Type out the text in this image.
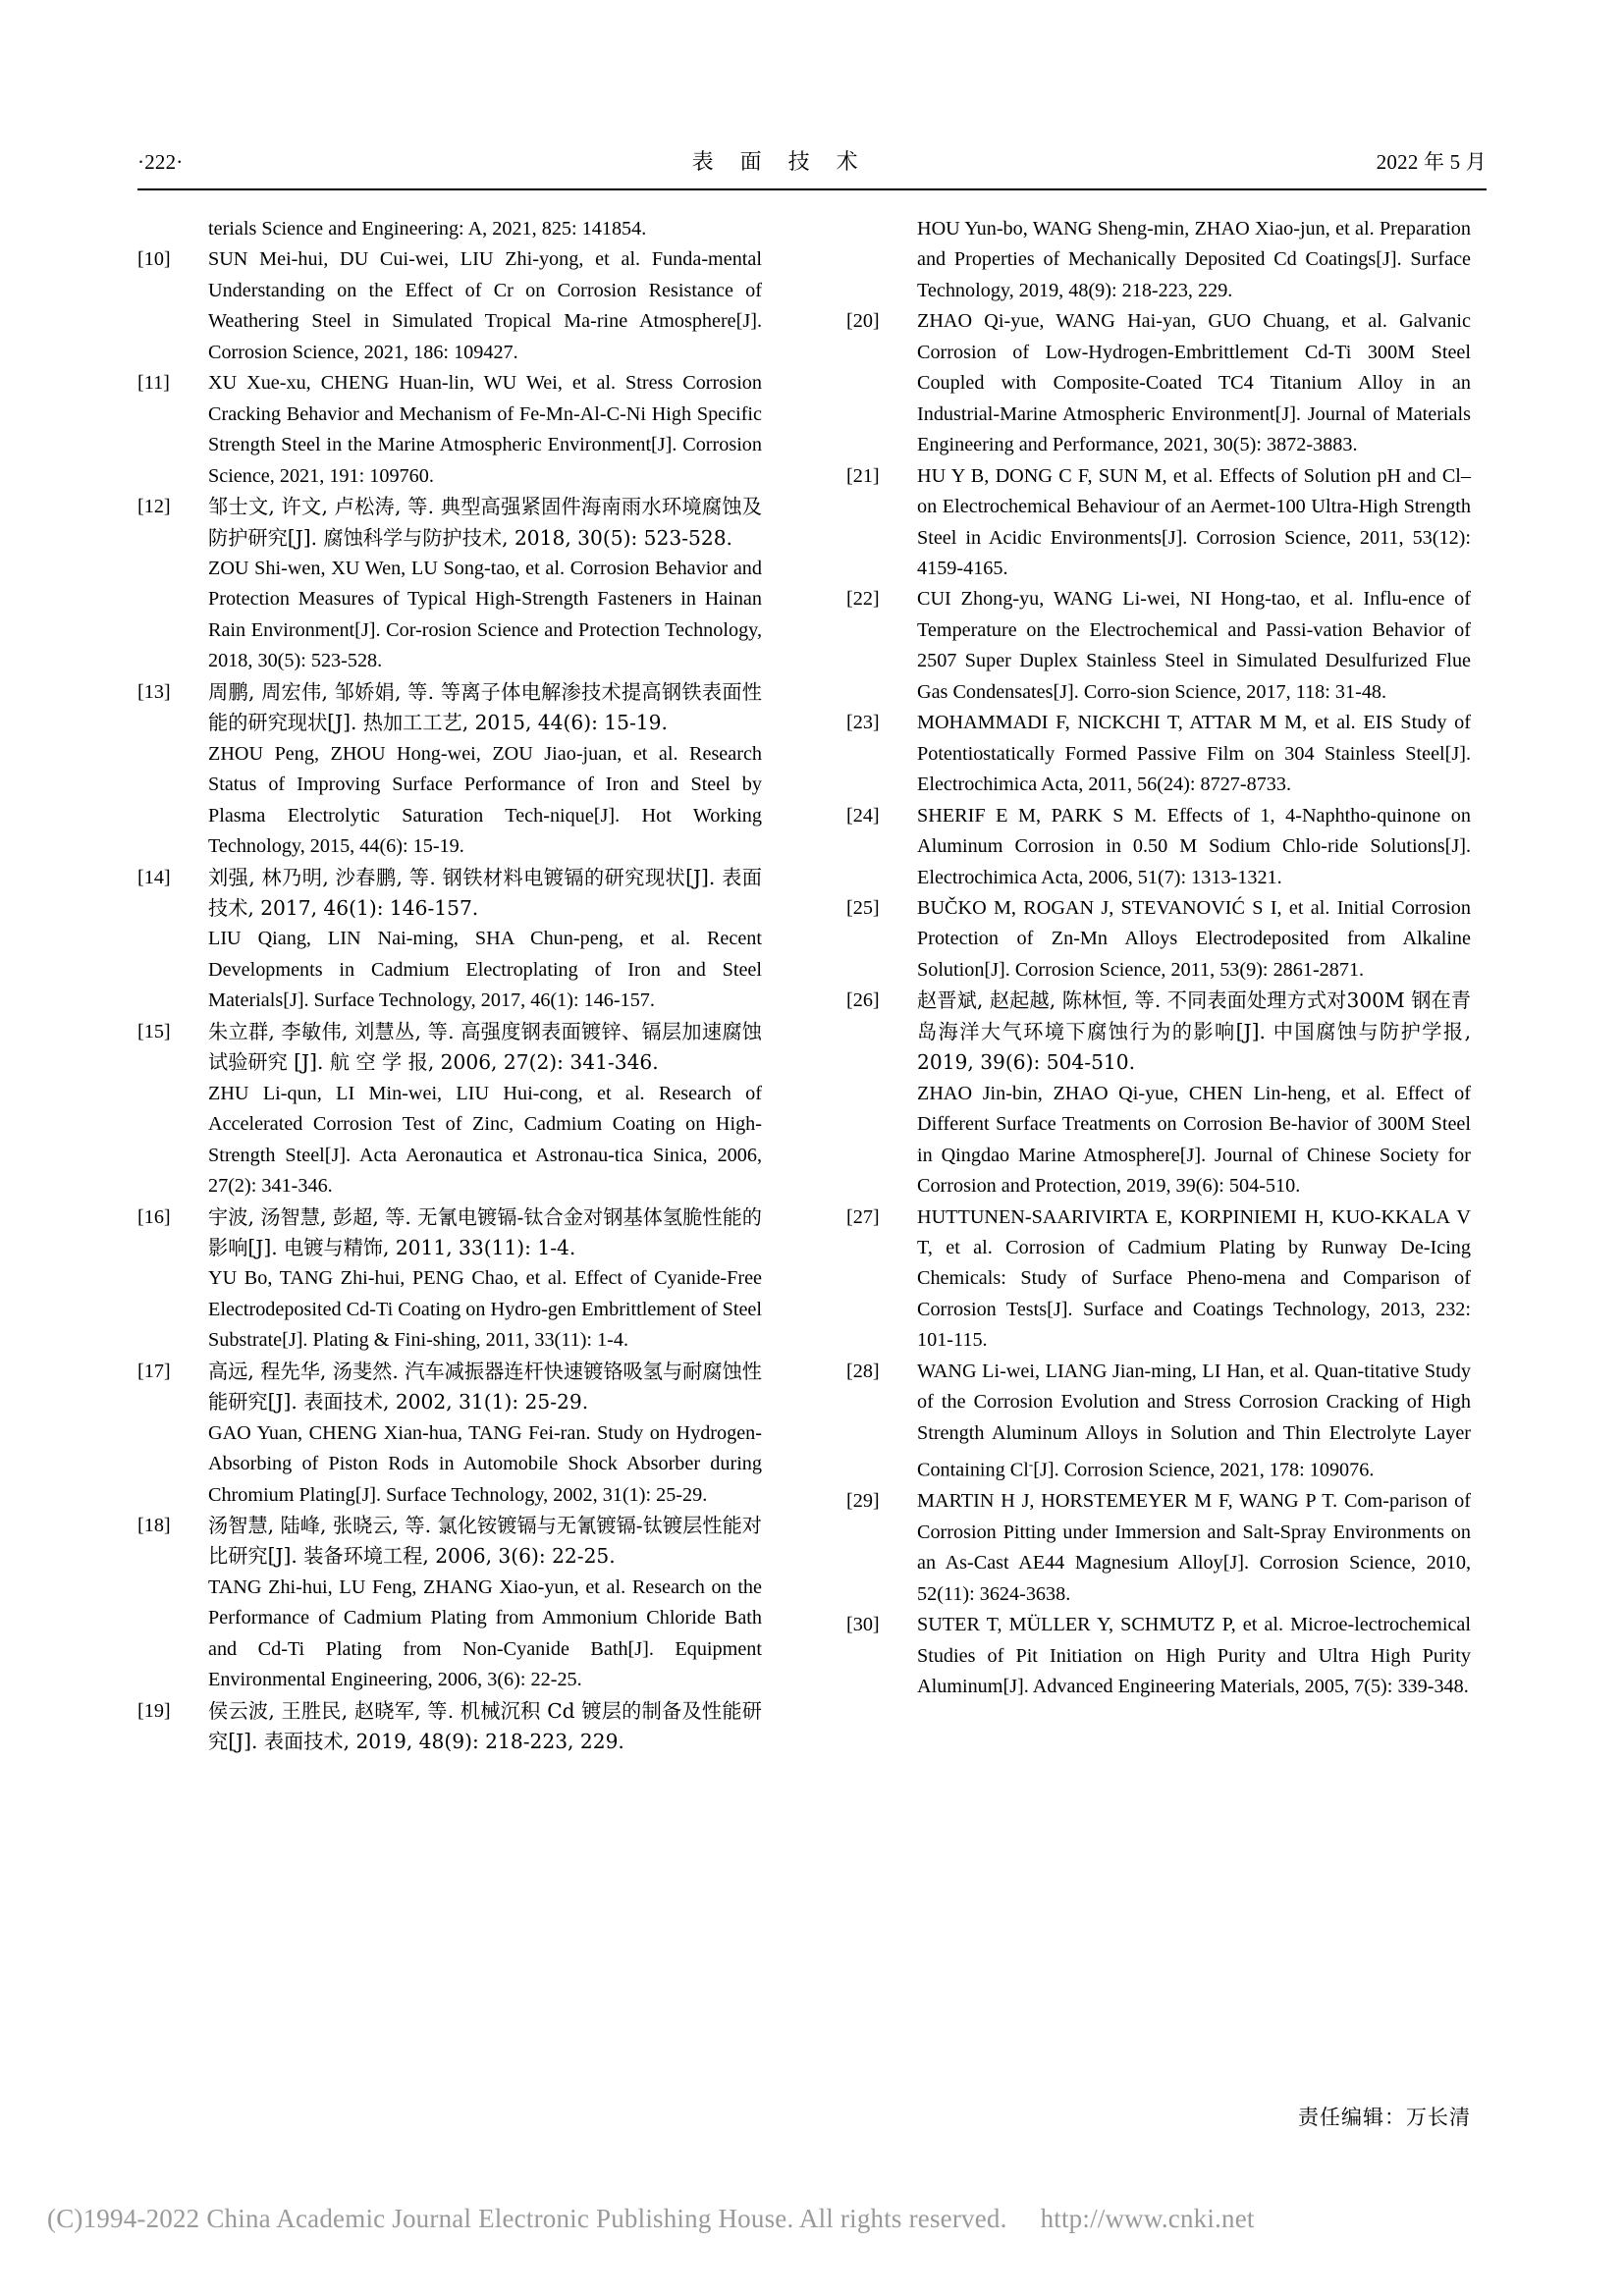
·222·	表 面 技 术	2022 年 5 月
terials Science and Engineering: A, 2021, 825: 141854.
[10]	SUN Mei-hui, DU Cui-wei, LIU Zhi-yong, et al. Funda-mental Understanding on the Effect of Cr on Corrosion Resistance of Weathering Steel in Simulated Tropical Ma-rine Atmosphere[J]. Corrosion Science, 2021, 186: 109427.
[11]	XU Xue-xu, CHENG Huan-lin, WU Wei, et al. Stress Corrosion Cracking Behavior and Mechanism of Fe-Mn-Al-C-Ni High Specific Strength Steel in the Marine Atmospheric Environment[J]. Corrosion Science, 2021, 191: 109760.
[12]	邹士文, 许文, 卢松涛, 等. 典型高强紧固件海南雨水环境腐蚀及防护研究[J]. 腐蚀科学与防护技术, 2018, 30(5): 523-528.
ZOU Shi-wen, XU Wen, LU Song-tao, et al. Corrosion Behavior and Protection Measures of Typical High-Strength Fasteners in Hainan Rain Environment[J]. Cor-rosion Science and Protection Technology, 2018, 30(5): 523-528.
[13]	周鹏, 周宏伟, 邹娇娟, 等. 等离子体电解渗技术提高钢铁表面性能的研究现状[J]. 热加工工艺, 2015, 44(6): 15-19.
ZHOU Peng, ZHOU Hong-wei, ZOU Jiao-juan, et al. Research Status of Improving Surface Performance of Iron and Steel by Plasma Electrolytic Saturation Tech-nique[J]. Hot Working Technology, 2015, 44(6): 15-19.
[14]	刘强, 林乃明, 沙春鹏, 等. 钢铁材料电镀镉的研究现状[J]. 表面技术, 2017, 46(1): 146-157.
LIU Qiang, LIN Nai-ming, SHA Chun-peng, et al. Recent Developments in Cadmium Electroplating of Iron and Steel Materials[J]. Surface Technology, 2017, 46(1): 146-157.
[15]	朱立群, 李敏伟, 刘慧丛, 等. 高强度钢表面镀锌、镉层加速腐蚀试验研究 [J]. 航 空 学 报, 2006, 27(2): 341-346.
ZHU Li-qun, LI Min-wei, LIU Hui-cong, et al. Research of Accelerated Corrosion Test of Zinc, Cadmium Coating on High-Strength Steel[J]. Acta Aeronautica et Astronau-tica Sinica, 2006, 27(2): 341-346.
[16]	宇波, 汤智慧, 彭超, 等. 无氰电镀镉-钛合金对钢基体氢脆性能的影响[J]. 电镀与精饰, 2011, 33(11): 1-4.
YU Bo, TANG Zhi-hui, PENG Chao, et al. Effect of Cyanide-Free Electrodeposited Cd-Ti Coating on Hydro-gen Embrittlement of Steel Substrate[J]. Plating & Fini-shing, 2011, 33(11): 1-4.
[17]	高远, 程先华, 汤斐然. 汽车减振器连杆快速镀铬吸氢与耐腐蚀性能研究[J]. 表面技术, 2002, 31(1): 25-29.
GAO Yuan, CHENG Xian-hua, TANG Fei-ran. Study on Hydrogen-Absorbing of Piston Rods in Automobile Shock Absorber during Chromium Plating[J]. Surface Technology, 2002, 31(1): 25-29.
[18]	汤智慧, 陆峰, 张晓云, 等. 氯化铵镀镉与无氰镀镉-钛镀层性能对比研究[J]. 装备环境工程, 2006, 3(6): 22-25.
TANG Zhi-hui, LU Feng, ZHANG Xiao-yun, et al. Research on the Performance of Cadmium Plating from Ammonium Chloride Bath and Cd-Ti Plating from Non-Cyanide Bath[J]. Equipment Environmental Engineering, 2006, 3(6): 22-25.
[19]	侯云波, 王胜民, 赵晓军, 等. 机械沉积 Cd 镀层的制备及性能研究[J]. 表面技术, 2019, 48(9): 218-223, 229.
HOU Yun-bo, WANG Sheng-min, ZHAO Xiao-jun, et al. Preparation and Properties of Mechanically Deposited Cd Coatings[J]. Surface Technology, 2019, 48(9): 218-223, 229.
[20]	ZHAO Qi-yue, WANG Hai-yan, GUO Chuang, et al. Galvanic Corrosion of Low-Hydrogen-Embrittlement Cd-Ti 300M Steel Coupled with Composite-Coated TC4 Titanium Alloy in an Industrial-Marine Atmospheric Environment[J]. Journal of Materials Engineering and Performance, 2021, 30(5): 3872-3883.
[21]	HU Y B, DONG C F, SUN M, et al. Effects of Solution pH and Cl– on Electrochemical Behaviour of an Aermet-100 Ultra-High Strength Steel in Acidic Environments[J]. Corrosion Science, 2011, 53(12): 4159-4165.
[22]	CUI Zhong-yu, WANG Li-wei, NI Hong-tao, et al. Influ-ence of Temperature on the Electrochemical and Passi-vation Behavior of 2507 Super Duplex Stainless Steel in Simulated Desulfurized Flue Gas Condensates[J]. Corro-sion Science, 2017, 118: 31-48.
[23]	MOHAMMADI F, NICKCHI T, ATTAR M M, et al. EIS Study of Potentiostatically Formed Passive Film on 304 Stainless Steel[J]. Electrochimica Acta, 2011, 56(24): 8727-8733.
[24]	SHERIF E M, PARK S M. Effects of 1, 4-Naphtho-quinone on Aluminum Corrosion in 0.50 M Sodium Chlo-ride Solutions[J]. Electrochimica Acta, 2006, 51(7): 1313-1321.
[25]	BUČKO M, ROGAN J, STEVANOVIĆ S I, et al. Initial Corrosion Protection of Zn-Mn Alloys Electrodeposited from Alkaline Solution[J]. Corrosion Science, 2011, 53(9): 2861-2871.
[26]	赵晋斌, 赵起越, 陈林恒, 等. 不同表面处理方式对300M 钢在青岛海洋大气环境下腐蚀行为的影响[J]. 中国腐蚀与防护学报, 2019, 39(6): 504-510.
ZHAO Jin-bin, ZHAO Qi-yue, CHEN Lin-heng, et al. Effect of Different Surface Treatments on Corrosion Be-havior of 300M Steel in Qingdao Marine Atmosphere[J]. Journal of Chinese Society for Corrosion and Protection, 2019, 39(6): 504-510.
[27]	HUTTUNEN-SAARIVIRTA E, KORPINIEMI H, KUO-KKALA V T, et al. Corrosion of Cadmium Plating by Runway De-Icing Chemicals: Study of Surface Pheno-mena and Comparison of Corrosion Tests[J]. Surface and Coatings Technology, 2013, 232: 101-115.
[28]	WANG Li-wei, LIANG Jian-ming, LI Han, et al. Quan-titative Study of the Corrosion Evolution and Stress Corrosion Cracking of High Strength Aluminum Alloys in Solution and Thin Electrolyte Layer Containing Cl-[J]. Corrosion Science, 2021, 178: 109076.
[29]	MARTIN H J, HORSTEMEYER M F, WANG P T. Com-parison of Corrosion Pitting under Immersion and Salt-Spray Environments on an As-Cast AE44 Magnesium Alloy[J]. Corrosion Science, 2010, 52(11): 3624-3638.
[30]	SUTER T, MÜLLER Y, SCHMUTZ P, et al. Microe-lectrochemical Studies of Pit Initiation on High Purity and Ultra High Purity Aluminum[J]. Advanced Engineering Materials, 2005, 7(5): 339-348.
责任编辑：万长清
(C)1994-2022 China Academic Journal Electronic Publishing House. All rights reserved. http://www.cnki.net
